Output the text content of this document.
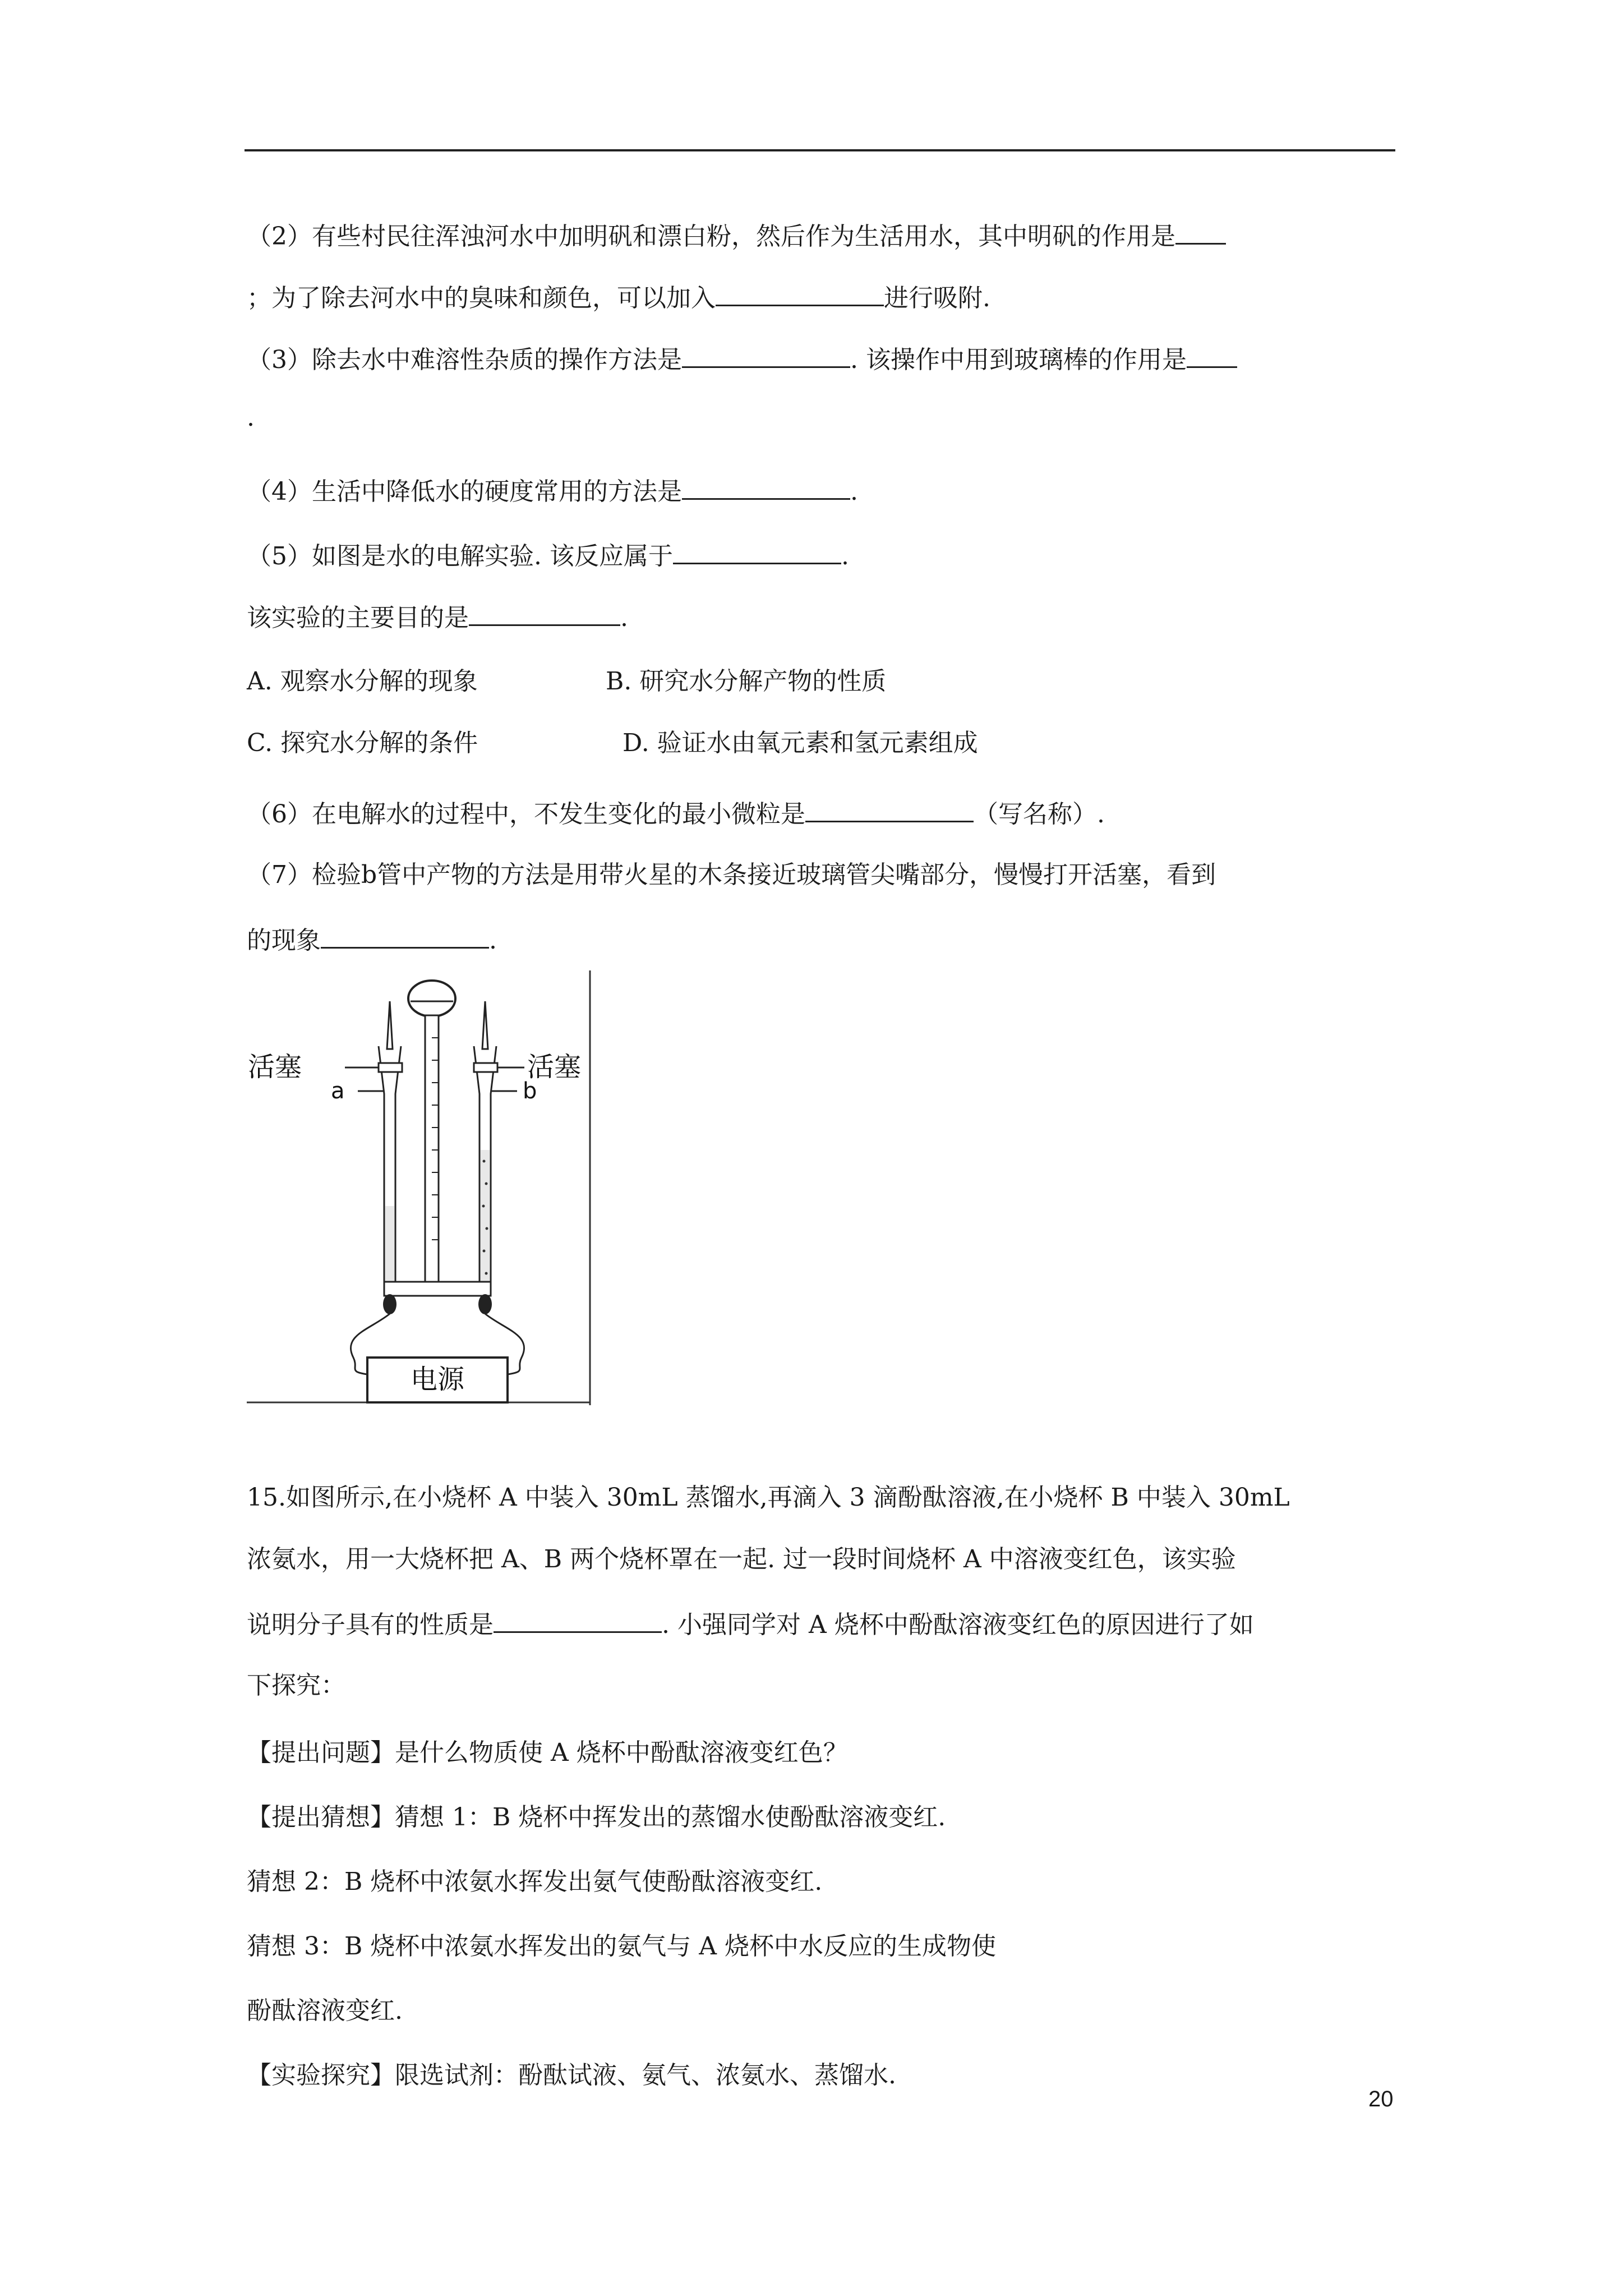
（2）有些村民往浑浊河水中加明矾和漂白粉，然后作为生活用水，其中明矾的作用是
；为了除去河水中的臭味和颜色，可以加入	进行吸附.
（3）除去水中难溶性杂质的操作方法是	. 该操作中用到玻璃棒的作用是
.
（4）生活中降低水的硬度常用的方法是	.
（5）如图是水的电解实验. 该反应属于	.
该实验的主要目的是	.
A. 观察水分解的现象	B. 研究水分解产物的性质
C. 探究水分解的条件	D. 验证水由氧元素和氢元素组成
（6）在电解水的过程中，不发生变化的最小微粒是	（写名称）.
（7）检验b管中产物的方法是用带火星的木条接近玻璃管尖嘴部分，慢慢打开活塞，看到
的现象	.
活塞	活塞
a	b
电源
15.如图所示,在小烧杯 A 中装入 30mL 蒸馏水,再滴入 3 滴酚酞溶液,在小烧杯 B 中装入 30mL
浓氨水，用一大烧杯把 A、B 两个烧杯罩在一起. 过一段时间烧杯 A 中溶液变红色，该实验
说明分子具有的性质是	. 小强同学对 A 烧杯中酚酞溶液变红色的原因进行了如
下探究：
【提出问题】是什么物质使 A 烧杯中酚酞溶液变红色？
【提出猜想】猜想 1：B 烧杯中挥发出的蒸馏水使酚酞溶液变红.
猜想 2：B 烧杯中浓氨水挥发出氨气使酚酞溶液变红.
猜想 3：B 烧杯中浓氨水挥发出的氨气与 A 烧杯中水反应的生成物使
酚酞溶液变红.
【实验探究】限选试剂：酚酞试液、氨气、浓氨水、蒸馏水.
20
